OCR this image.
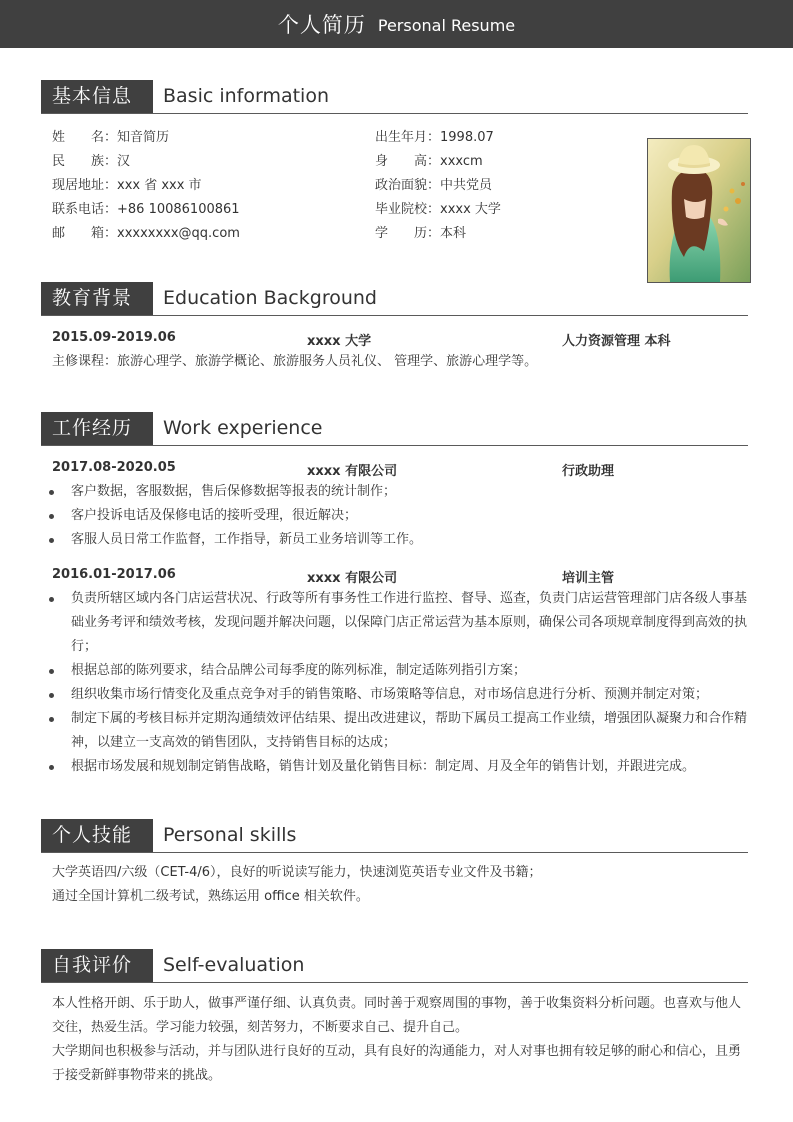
个人简历 Personal Resume
基本信息	Basic information
姓　　名：知音简历
民　　族：汉
现居地址：xxx 省 xxx 市
联系电话：+86 10086100861
邮　　箱：xxxxxxxx@qq.com
出生年月：1998.07
身　　高：xxxcm
政治面貌：中共党员
毕业院校：xxxx 大学
学　　历：本科
教育背景	Education Background
2015.09-2019.06	xxxx 大学	人力资源管理 本科
主修课程：旅游心理学、旅游学概论、旅游服务人员礼仪、 管理学、旅游心理学等。
工作经历	Work experience
2017.08-2020.05	xxxx 有限公司	行政助理
客户数据，客服数据，售后保修数据等报表的统计制作；
客户投诉电话及保修电话的接听受理，很近解决；
客服人员日常工作监督，工作指导，新员工业务培训等工作。
2016.01-2017.06	xxxx 有限公司	培训主管
负责所辖区域内各门店运营状况、行政等所有事务性工作进行监控、督导、巡查，负责门店运营管理部门店各级人事基础业务考评和绩效考核，发现问题并解决问题，以保障门店正常运营为基本原则，确保公司各项规章制度得到高效的执行；
根据总部的陈列要求，结合品牌公司每季度的陈列标准，制定适陈列指引方案；
组织收集市场行情变化及重点竞争对手的销售策略、市场策略等信息，对市场信息进行分析、预测并制定对策；
制定下属的考核目标并定期沟通绩效评估结果、提出改进建议，帮助下属员工提高工作业绩，增强团队凝聚力和合作精神，以建立一支高效的销售团队，支持销售目标的达成；
根据市场发展和规划制定销售战略，销售计划及量化销售目标：制定周、月及全年的销售计划，并跟进完成。
个人技能	Personal skills
大学英语四/六级（CET-4/6），良好的听说读写能力，快速浏览英语专业文件及书籍；
通过全国计算机二级考试，熟练运用 office 相关软件。
自我评价	Self-evaluation
本人性格开朗、乐于助人，做事严谨仔细、认真负责。同时善于观察周围的事物，善于收集资料分析问题。也喜欢与他人交往，热爱生活。学习能力较强，刻苦努力，不断要求自己、提升自己。
大学期间也积极参与活动，并与团队进行良好的互动，具有良好的沟通能力，对人对事也拥有较足够的耐心和信心，且勇于接受新鲜事物带来的挑战。
